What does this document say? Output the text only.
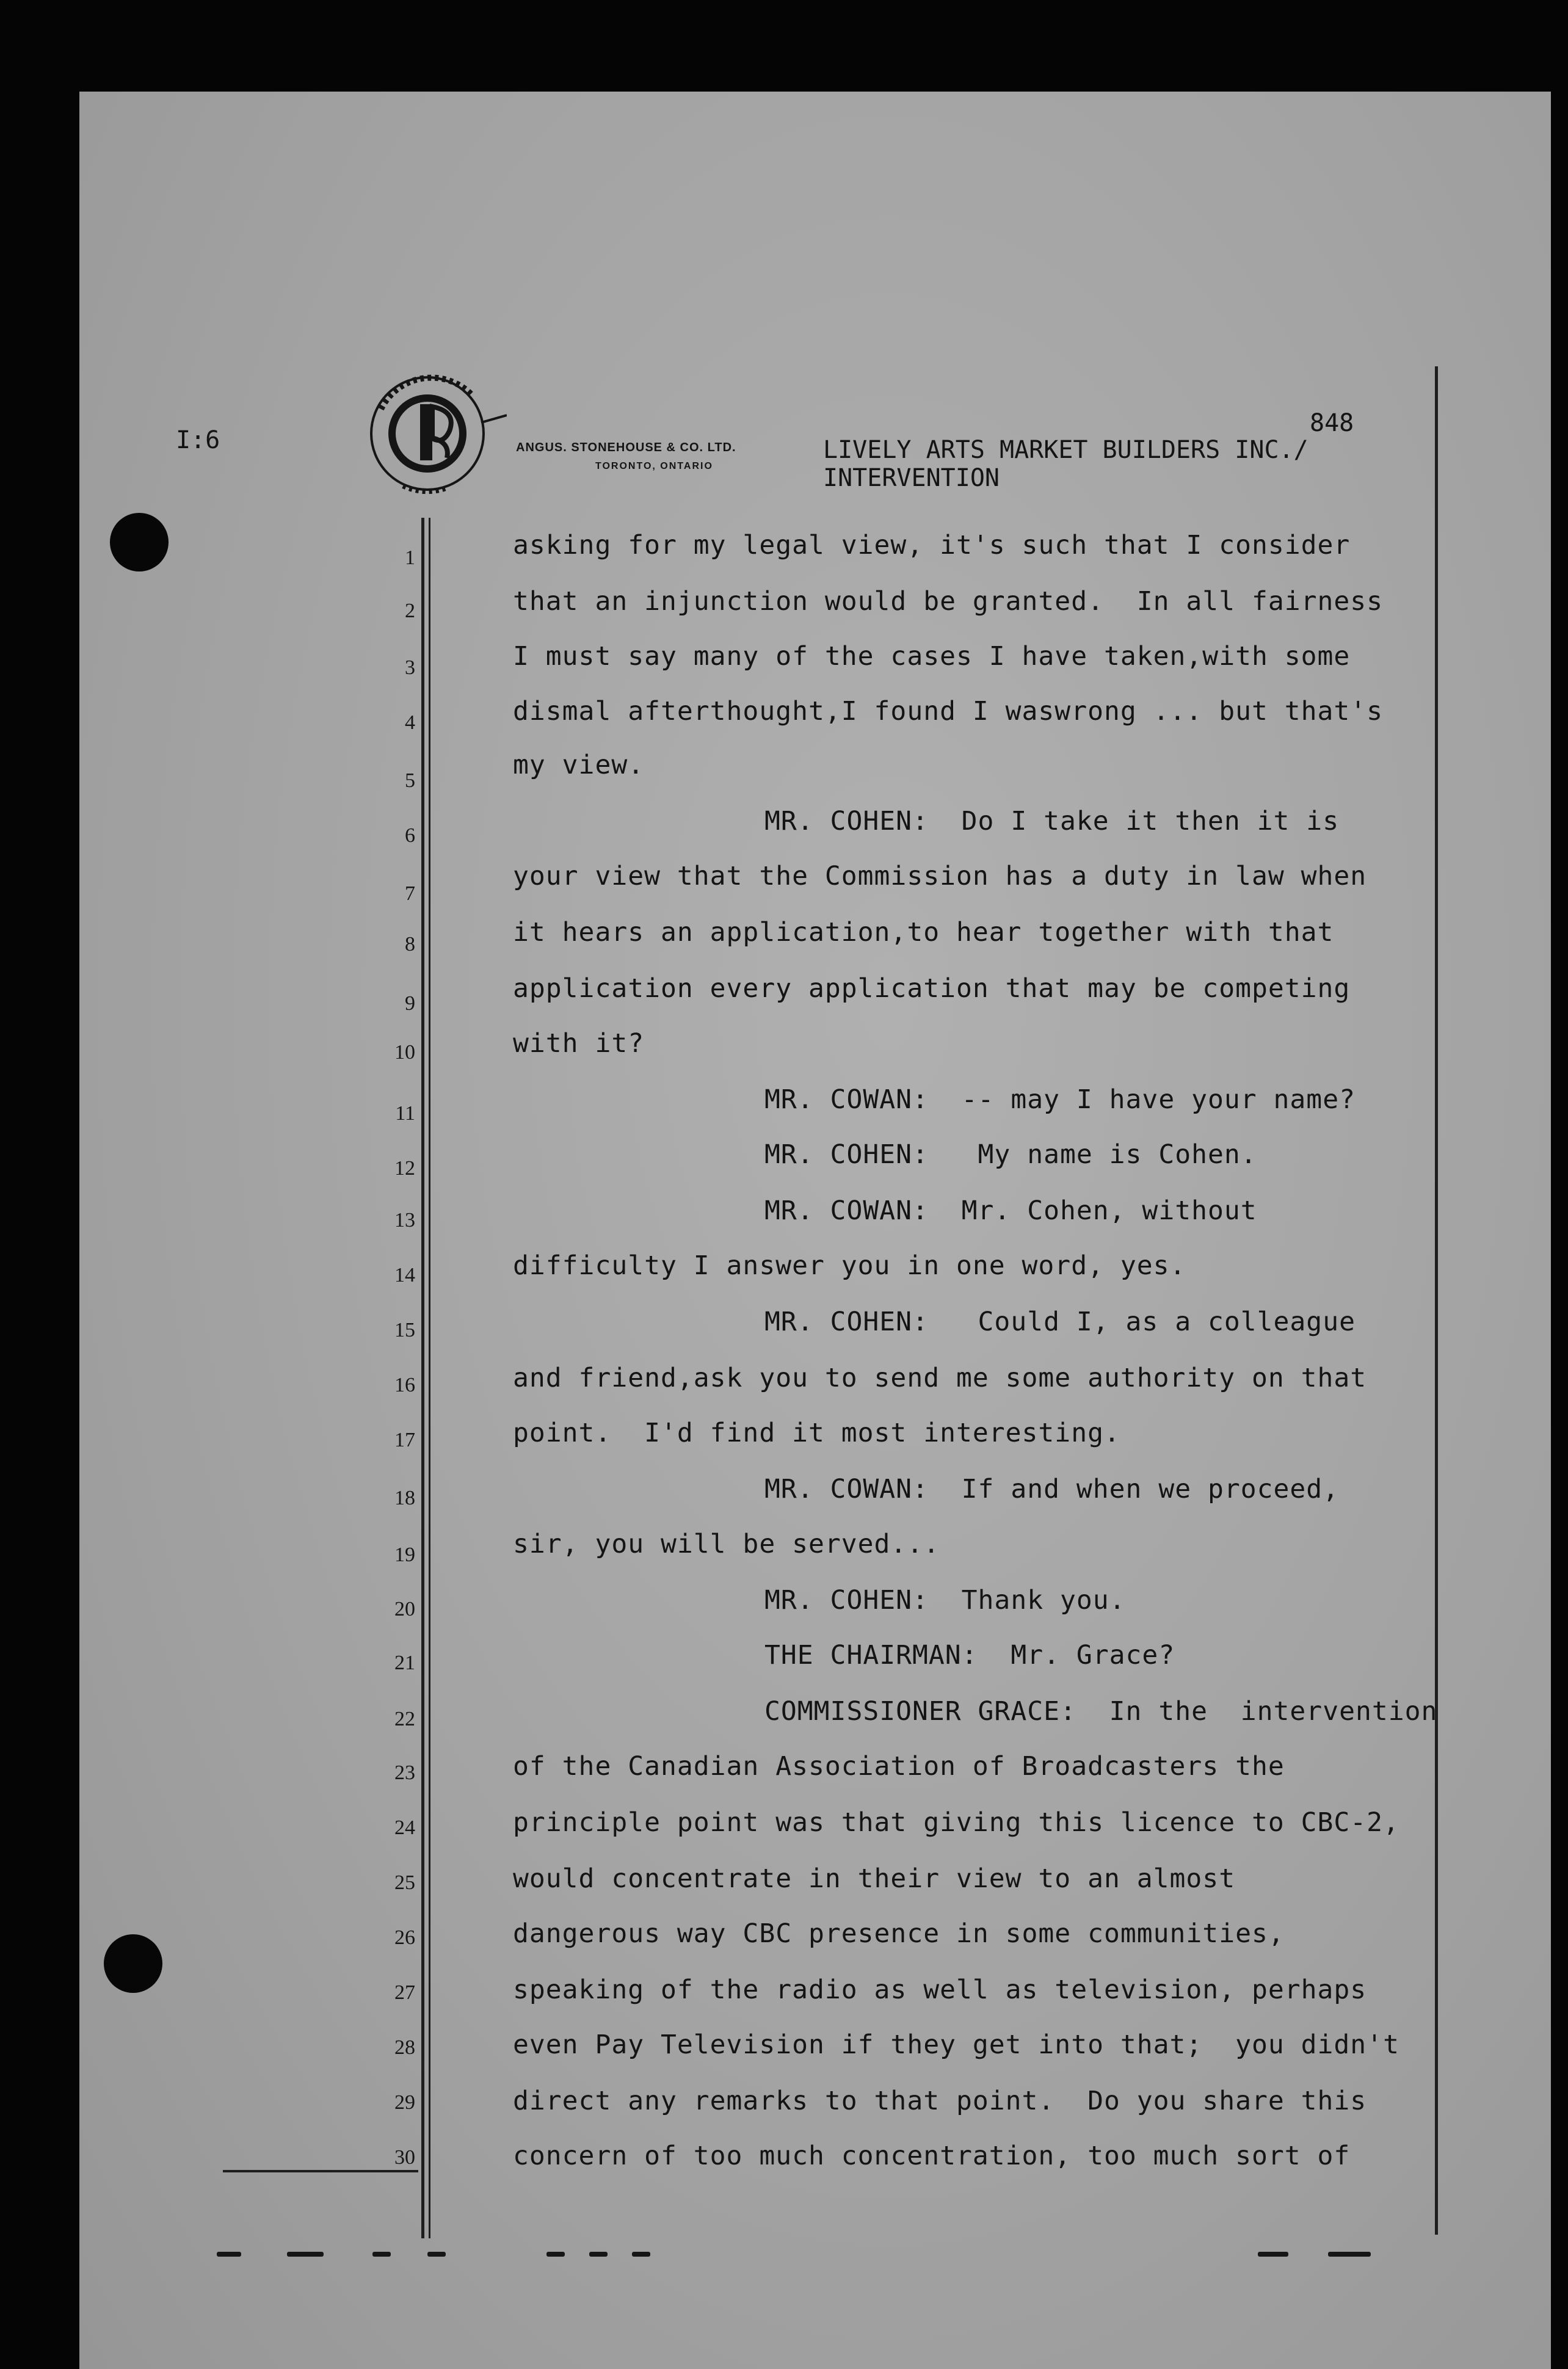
I:6	ANGUS. STONEHOUSE & CO. LTD.
TORONTO, ONTARIO
848
LIVELY ARTS MARKET BUILDERS INC./
INTERVENTION
1
2
3
4
5
6
7
8
9
10
11
12
13
14
15
16
17
18
19
20
21
22
23
24
25
26
27
28
29
30
asking for my legal view, it's such that I consider
that an injunction would be granted.  In all fairness
I must say many of the cases I have taken,with some
dismal afterthought,I found I waswrong ... but that's
my view.
MR. COHEN:  Do I take it then it is
your view that the Commission has a duty in law when
it hears an application,to hear together with that
application every application that may be competing
with it?
MR. COWAN:  -- may I have your name?
MR. COHEN:   My name is Cohen.
MR. COWAN:  Mr. Cohen, without
difficulty I answer you in one word, yes.
MR. COHEN:   Could I, as a colleague
and friend,ask you to send me some authority on that
point.  I'd find it most interesting.
MR. COWAN:  If and when we proceed,
sir, you will be served...
MR. COHEN:  Thank you.
THE CHAIRMAN:  Mr. Grace?
COMMISSIONER GRACE:  In the  intervention
of the Canadian Association of Broadcasters the
principle point was that giving this licence to CBC-2,
would concentrate in their view to an almost
dangerous way CBC presence in some communities,
speaking of the radio as well as television, perhaps
even Pay Television if they get into that;  you didn't
direct any remarks to that point.  Do you share this
concern of too much concentration, too much sort of
